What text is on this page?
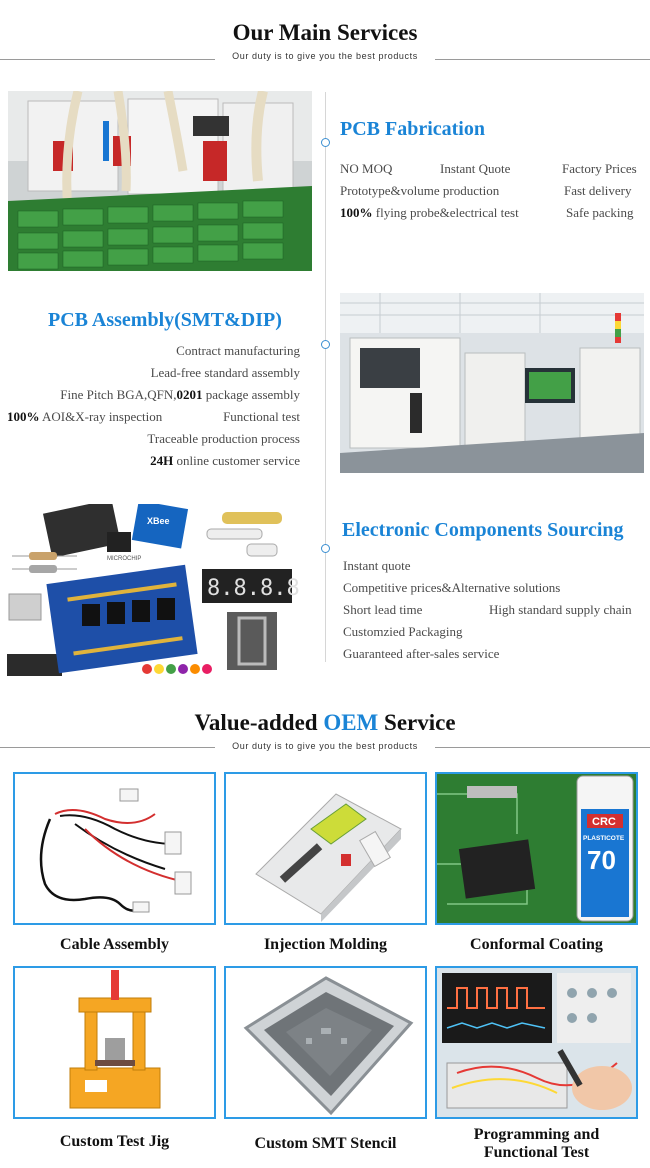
Our Main Services
Our duty is to give you the best products
PCB Fabrication
NO MOQ	Instant Quote	Factory Prices
Prototype&volume production	Fast delivery
100% flying probe&electrical test	Safe packing
PCB Assembly(SMT&DIP)
Contract manufacturing
Lead-free standard assembly
Fine Pitch BGA,QFN,0201 package assembly
100% AOI&X-ray inspection	Functional test
Traceable production process
24H online customer service
MICROCHIP
XBee
8.8.8.8
Electronic Components Sourcing
Instant quote
Competitive prices&Alternative solutions
Short lead time	High standard supply chain
Customzied Packaging
Guaranteed after-sales service
Value-added OEM Service
Our duty is to give you the best products
Cable Assembly	Injection Molding
CRC
PLASTICOTE
70
Conformal Coating
Custom Test Jig	Custom SMT Stencil
Programming and
Functional Test
